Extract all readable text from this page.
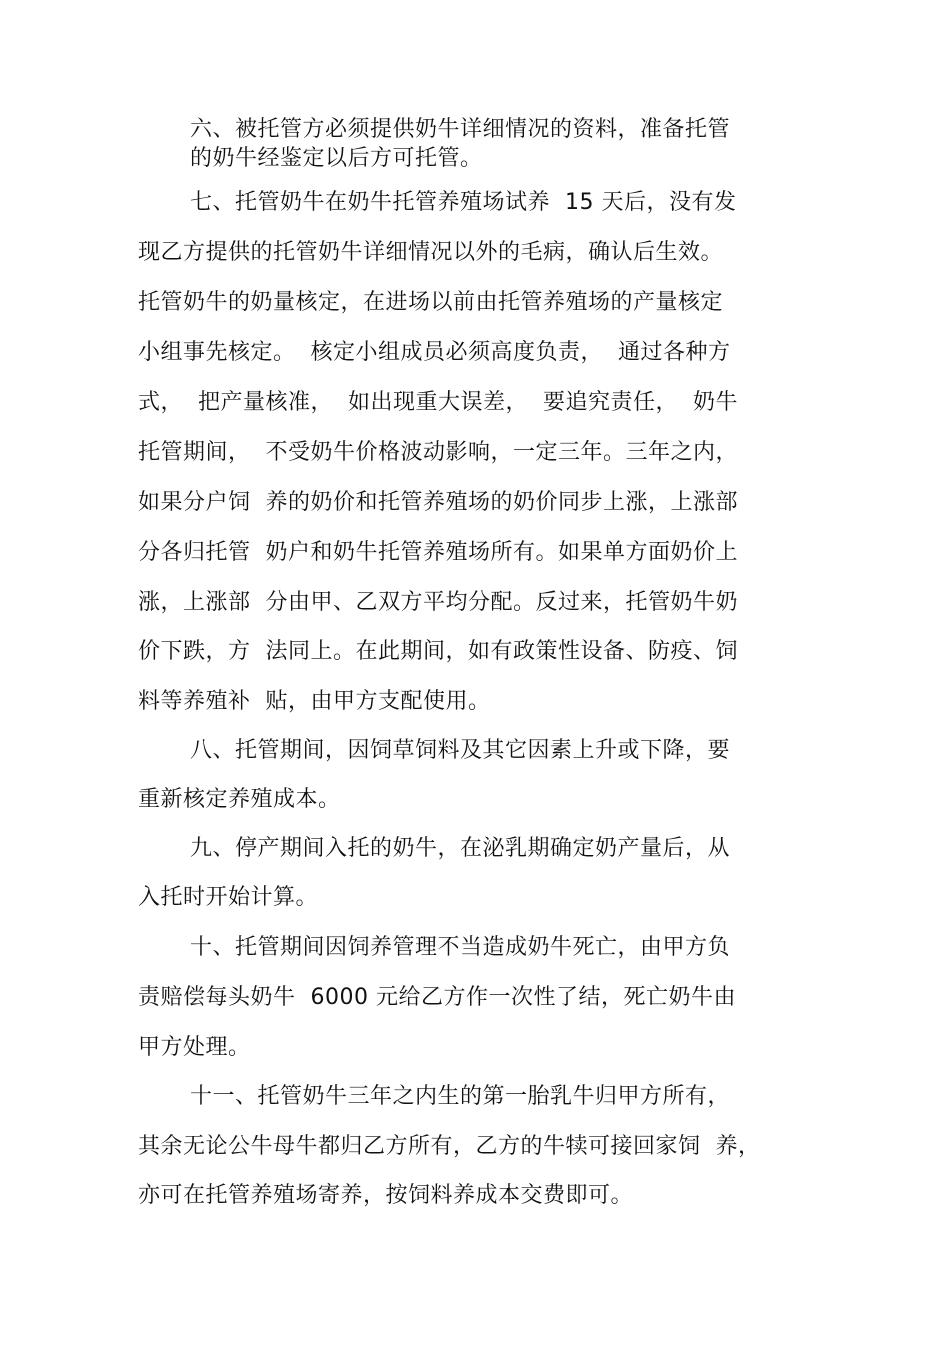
六、被托管方必须提供奶牛详细情况的资料，准备托管

的奶牛经鉴定以后方可托管。

七、托管奶牛在奶牛托管养殖场试养  15 天后，没有发

现乙方提供的托管奶牛详细情况以外的毛病，确认后生效。

托管奶牛的奶量核定，在进场以前由托管养殖场的产量核定

小组事先核定。  核定小组成员必须高度负责，  通过各种方

式，  把产量核准，  如出现重大误差，  要追究责任，  奶牛

托管期间，  不受奶牛价格波动影响，一定三年。三年之内，

如果分户饲  养的奶价和托管养殖场的奶价同步上涨，上涨部

分各归托管  奶户和奶牛托管养殖场所有。如果单方面奶价上

涨，上涨部  分由甲、乙双方平均分配。反过来，托管奶牛奶

价下跌，方  法同上。在此期间，如有政策性设备、防疫、饲

料等养殖补  贴，由甲方支配使用。

八、托管期间，因饲草饲料及其它因素上升或下降，要

重新核定养殖成本。

九、停产期间入托的奶牛，在泌乳期确定奶产量后，从

入托时开始计算。

十、托管期间因饲养管理不当造成奶牛死亡，由甲方负

责赔偿每头奶牛  6000 元给乙方作一次性了结，死亡奶牛由

甲方处理。

十一、托管奶牛三年之内生的第一胎乳牛归甲方所有，

其余无论公牛母牛都归乙方所有，乙方的牛犊可接回家饲  养，

亦可在托管养殖场寄养，按饲料养成本交费即可。
